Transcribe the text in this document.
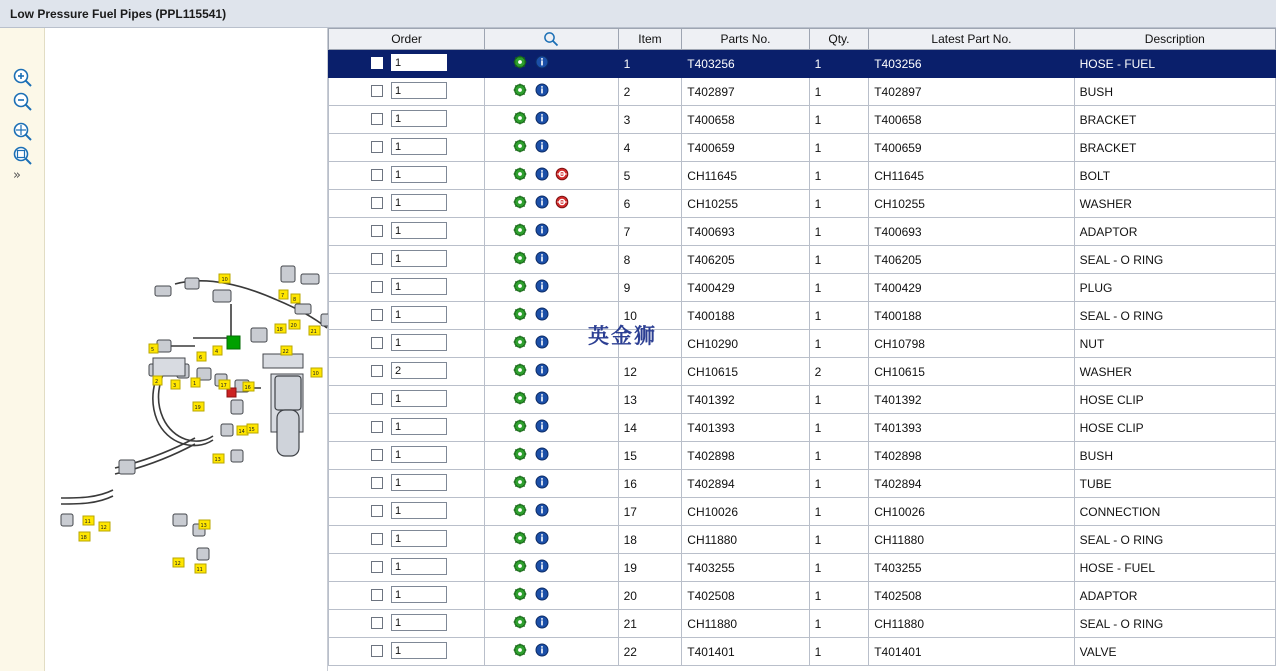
Low Pressure Fuel Pipes (PPL115541)
»
10
7
8
18
20
21
5
6
4	22
10
2
3	1	17	16
19
14 15
13
11
12
18
13
12
11
Order		Item	Parts No.	Qty.	Latest Part No.	Description

1	
	1	T403256	1	T403256	HOSE - FUEL

1	
	2	T402897	1	T402897	BUSH

1	
	3	T400658	1	T400658	BRACKET

1	
	4	T400659	1	T400659	BRACKET

1	
	5	CH11645	1	CH11645	BOLT

1	
	6	CH10255	1	CH10255	WASHER

1	
	7	T400693	1	T400693	ADAPTOR

1	
	8	T406205	1	T406205	SEAL - O RING

1	
	9	T400429	1	T400429	PLUG

1	
	10	T400188	1	T400188	SEAL - O RING

1	
		CH10290	1	CH10798	NUT

2	
	12	CH10615	2	CH10615	WASHER

1	
	13	T401392	1	T401392	HOSE CLIP

1	
	14	T401393	1	T401393	HOSE CLIP

1	
	15	T402898	1	T402898	BUSH

1	
	16	T402894	1	T402894	TUBE

1	
	17	CH10026	1	CH10026	CONNECTION

1	
	18	CH11880	1	CH11880	SEAL - O RING

1	
	19	T403255	1	T403255	HOSE - FUEL

1	
	20	T402508	1	T402508	ADAPTOR

1	
	21	CH11880	1	CH11880	SEAL - O RING

1	
	22	T401401	1	T401401	VALVE
英金狮
